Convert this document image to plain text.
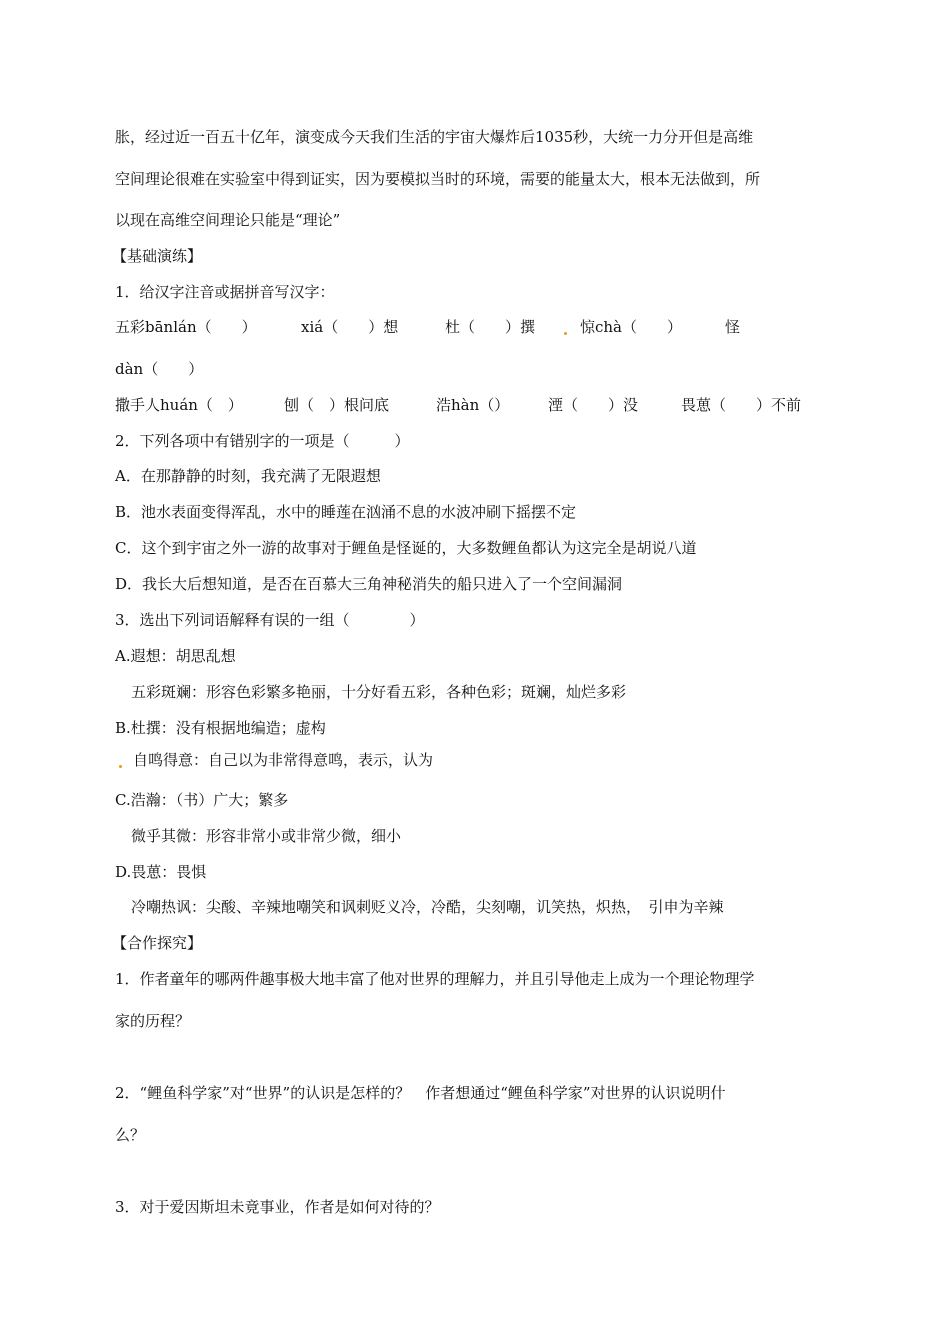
胀，经过近一百五十亿年，演变成今天我们生活的宇宙大爆炸后1035秒，大统一力分开但是高维

空间理论很难在实验室中得到证实，因为要模拟当时的环境，需要的能量太大，根本无法做到，所

以现在高维空间理论只能是“理论”

【基础演练】

1．给汉字注音或据拼音写汉字：

五彩bānlán（　　）	xiá（　　）想	杜（　　）撰	惊chà（　　）	怪

dàn（　　）

撒手人huán（　）	刨（　）根问底	浩hàn（）	湮（　　）没	畏葸（　　）不前

2．下列各项中有错别字的一项是（　　　）

A．在那静静的时刻，我充满了无限遐想

B．池水表面变得浑乱，水中的睡莲在汹涌不息的水波冲刷下摇摆不定

C．这个到宇宙之外一游的故事对于鲤鱼是怪诞的，大多数鲤鱼都认为这完全是胡说八道

D．我长大后想知道，是否在百慕大三角神秘消失的船只进入了一个空间漏洞

3．选出下列词语解释有误的一组（　　　　）

A.遐想：胡思乱想

五彩斑斓：形容色彩繁多艳丽，十分好看五彩，各种色彩；斑斓，灿烂多彩

B.杜撰：没有根据地编造；虚构

自鸣得意：自己以为非常得意鸣，表示，认为

C.浩瀚：（书）广大；繁多

微乎其微：形容非常小或非常少微，细小

D.畏葸：畏惧

冷嘲热讽：尖酸、辛辣地嘲笑和讽刺贬义冷，冷酷，尖刻嘲，讥笑热，炽热，　引申为辛辣

【合作探究】

1．作者童年的哪两件趣事极大地丰富了他对世界的理解力，并且引导他走上成为一个理论物理学

家的历程？

2．“鲤鱼科学家”对“世界”的认识是怎样的？　作者想通过“鲤鱼科学家”对世界的认识说明什

么？

3．对于爱因斯坦未竟事业，作者是如何对待的？
